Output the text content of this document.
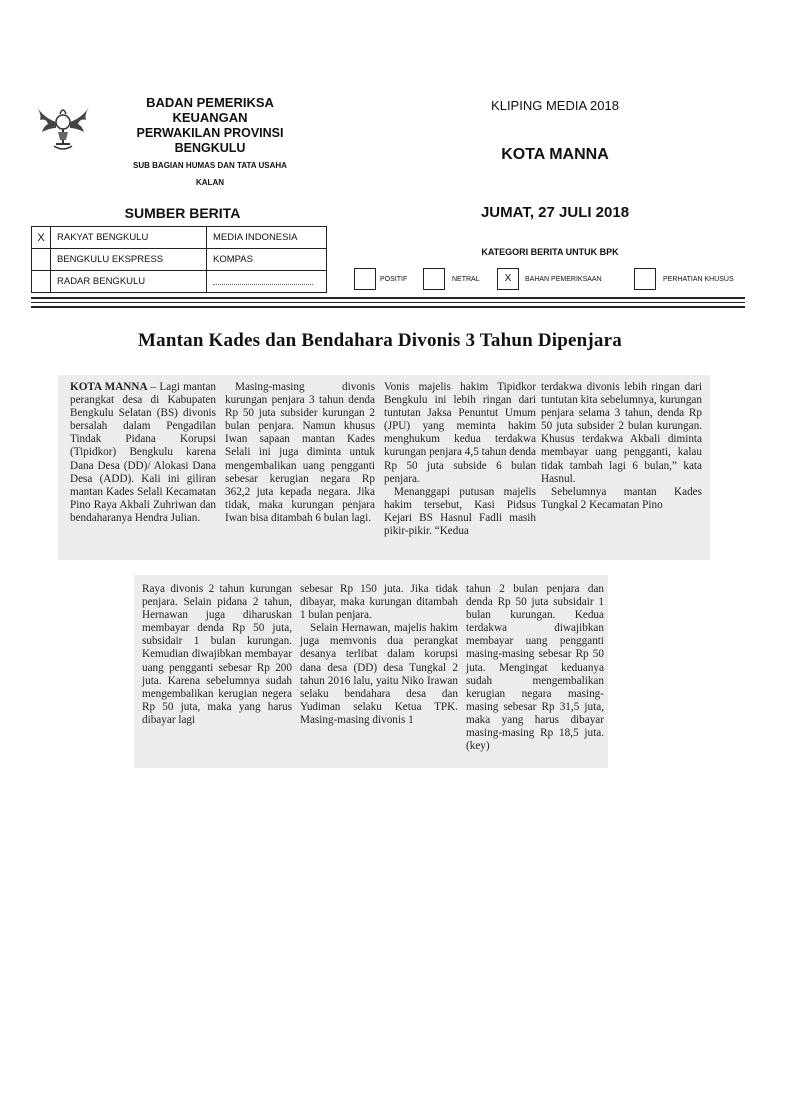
BADAN PEMERIKSA
KEUANGAN
PERWAKILAN PROVINSI
BENGKULU
SUB BAGIAN HUMAS DAN TATA USAHA
KALAN
KLIPING MEDIA 2018
KOTA MANNA
SUMBER BERITA	JUMAT, 27 JULI 2018
KATEGORI BERITA UNTUK BPK
X	RAKYAT BENGKULU	MEDIA INDONESIA
	BENGKULU EKSPRESS	KOMPAS
	RADAR BENGKULU		POSITIF	NETRAL	X	BAHAN PEMERIKSAAN	PERHATIAN KHUSUS
Mantan Kades dan Bendahara Divonis 3 Tahun Dipenjara

KOTA MANNA – Lagi mantan perangkat desa di Kabupaten Bengkulu Selatan (BS) divonis bersalah dalam Pengadilan Tindak Pidana Korupsi (Tipidkor) Bengkulu karena Dana Desa (DD)/ Alokasi Dana Desa (ADD). Kali ini giliran mantan Kades Selali Kecamatan Pino Raya Akbali Zuhriwan dan bendaharanya Hendra Julian.

Masing-masing divonis kurungan penjara 3 tahun denda Rp 50 juta subsider kurungan 2 bulan penjara. Namun khusus Iwan sapaan mantan Kades Selali ini juga diminta untuk mengembalikan uang pengganti sebesar kerugian negara Rp 362,2 juta kepada negara. Jika tidak, maka kurungan penjara Iwan bisa ditambah 6 bulan lagi.

Vonis majelis hakim Tipidkor Bengkulu ini lebih ringan dari tuntutan Jaksa Penuntut Umum (JPU) yang meminta hakim menghukum kedua terdakwa kurungan penjara 4,5 tahun denda Rp 50 juta subside 6 bulan penjara.

Menanggapi putusan majelis hakim tersebut, Kasi Pidsus Kejari BS Hasnul Fadli masih pikir-pikir. “Kedua

terdakwa divonis lebih ringan dari tuntutan kita sebelumnya, kurungan penjara selama 3 tahun, denda Rp 50 juta subsider 2 bulan kurungan. Khusus terdakwa Akbali diminta membayar uang pengganti, kalau tidak tambah lagi 6 bulan,” kata Hasnul.

Sebelumnya mantan Kades Tungkal 2 Kecamatan Pino

Raya divonis 2 tahun kurungan penjara. Selain pidana 2 tahun, Hernawan juga diharuskan membayar denda Rp 50 juta, subsidair 1 bulan kurungan. Kemudian diwajibkan membayar uang pengganti sebesar Rp 200 juta. Karena sebelumnya sudah mengembalikan kerugian negera Rp 50 juta, maka yang harus dibayar lagi

sebesar Rp 150 juta. Jika tidak dibayar, maka kurungan ditambah 1 bulan penjara.

Selain Hernawan, majelis hakim juga memvonis dua perangkat desanya terlibat dalam korupsi dana desa (DD) desa Tungkal 2 tahun 2016 lalu, yaitu Niko Irawan selaku bendahara desa dan Yudiman selaku Ketua TPK. Masing-masing divonis 1

tahun 2 bulan penjara dan denda Rp 50 juta subsidair 1 bulan kurungan. Kedua terdakwa diwajibkan membayar uang pengganti masing-masing sebesar Rp 50 juta. Mengingat keduanya sudah mengembalikan kerugian negara masing-masing sebesar Rp 31,5 juta, maka yang harus dibayar masing-masing Rp 18,5 juta.(key)
